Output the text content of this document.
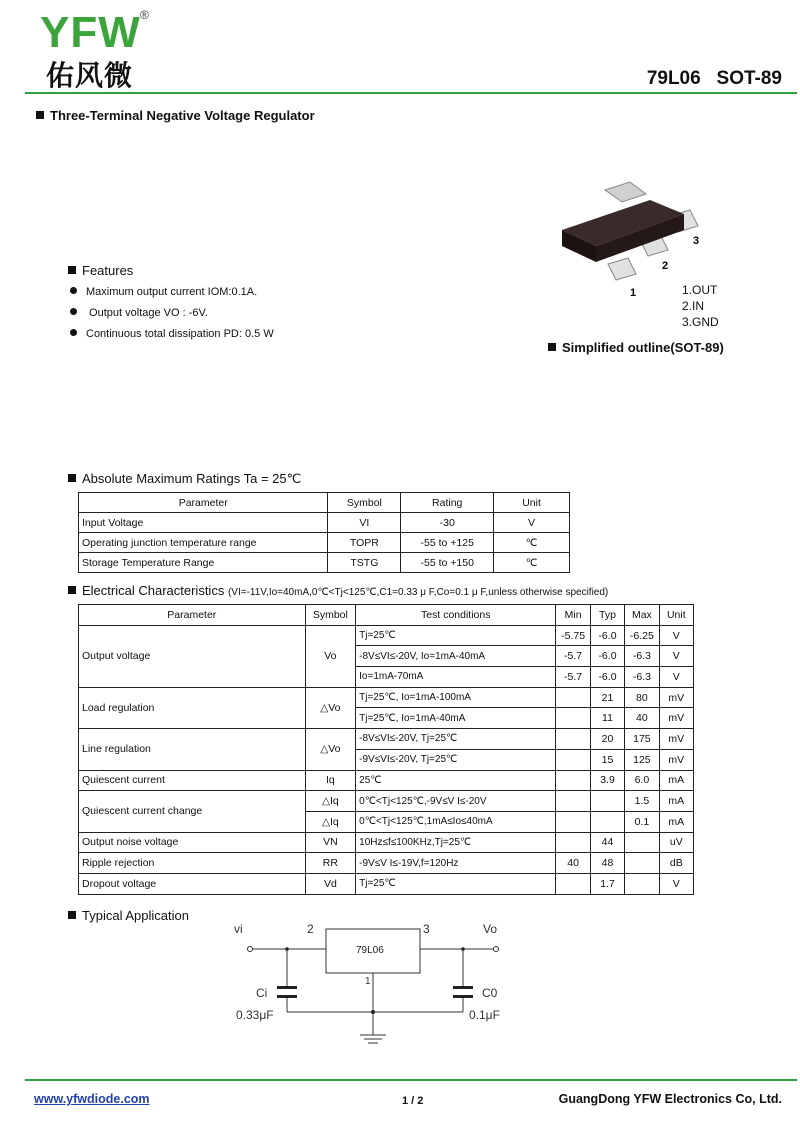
YFW ®
佑风微	79L06   SOT-89
Three-Terminal Negative Voltage Regulator
Features
Maximum output current IOM:0.1A.
Output voltage VO : -6V.
Continuous total dissipation PD: 0.5 W
3
2
1	1.OUT
2.IN
3.GND
Simplified outline(SOT-89)
Absolute Maximum Ratings Ta = 25℃
Parameter	Symbol	Rating	Unit
Input Voltage	VI	-30	V
Operating junction temperature range	TOPR	-55 to +125	℃
Storage Temperature Range	TSTG	-55 to +150	℃
Electrical Characteristics (VI=-11V,Io=40mA,0℃<Tj<125℃,C1=0.33 μ F,Co=0.1 μ F,unless otherwise specified)
Parameter	Symbol	Test conditions	Min	Typ	Max	Unit
Output voltage	Vo	Tj=25℃	-5.75	-6.0	-6.25	V
		-8V≤VI≤-20V, Io=1mA-40mA	-5.7	-6.0	-6.3	V
		Io=1mA-70mA	-5.7	-6.0	-6.3	V
Load regulation	△Vo	Tj=25℃, Io=1mA-100mA		21	80	mV
		Tj=25℃, Io=1mA-40mA		11	40	mV
Line regulation	△Vo	-8V≤VI≤-20V, Tj=25℃		20	175	mV
		-9V≤VI≤-20V, Tj=25℃		15	125	mV
Quiescent current	Iq	25℃		3.9	6.0	mA
Quiescent current change	△Iq	0℃<Tj<125℃,-9V≤V I≤-20V			1.5	mA
	△Iq	0℃<Tj<125℃,1mA≤Io≤40mA			0.1	mA
Output noise voltage	VN	10Hz≤f≤100KHz,Tj=25℃		44		uV
Ripple rejection	RR	-9V≤V I≤-19V,f=120Hz	40	48		dB
Dropout voltage	Vd	Tj=25℃		1.7		V
Typical Application
vi	Vo
2	3
1
79L06
Ci
0.33μF
C0
0.1μF
www.yfwdiode.com	1 / 2	GuangDong YFW Electronics Co, Ltd.
